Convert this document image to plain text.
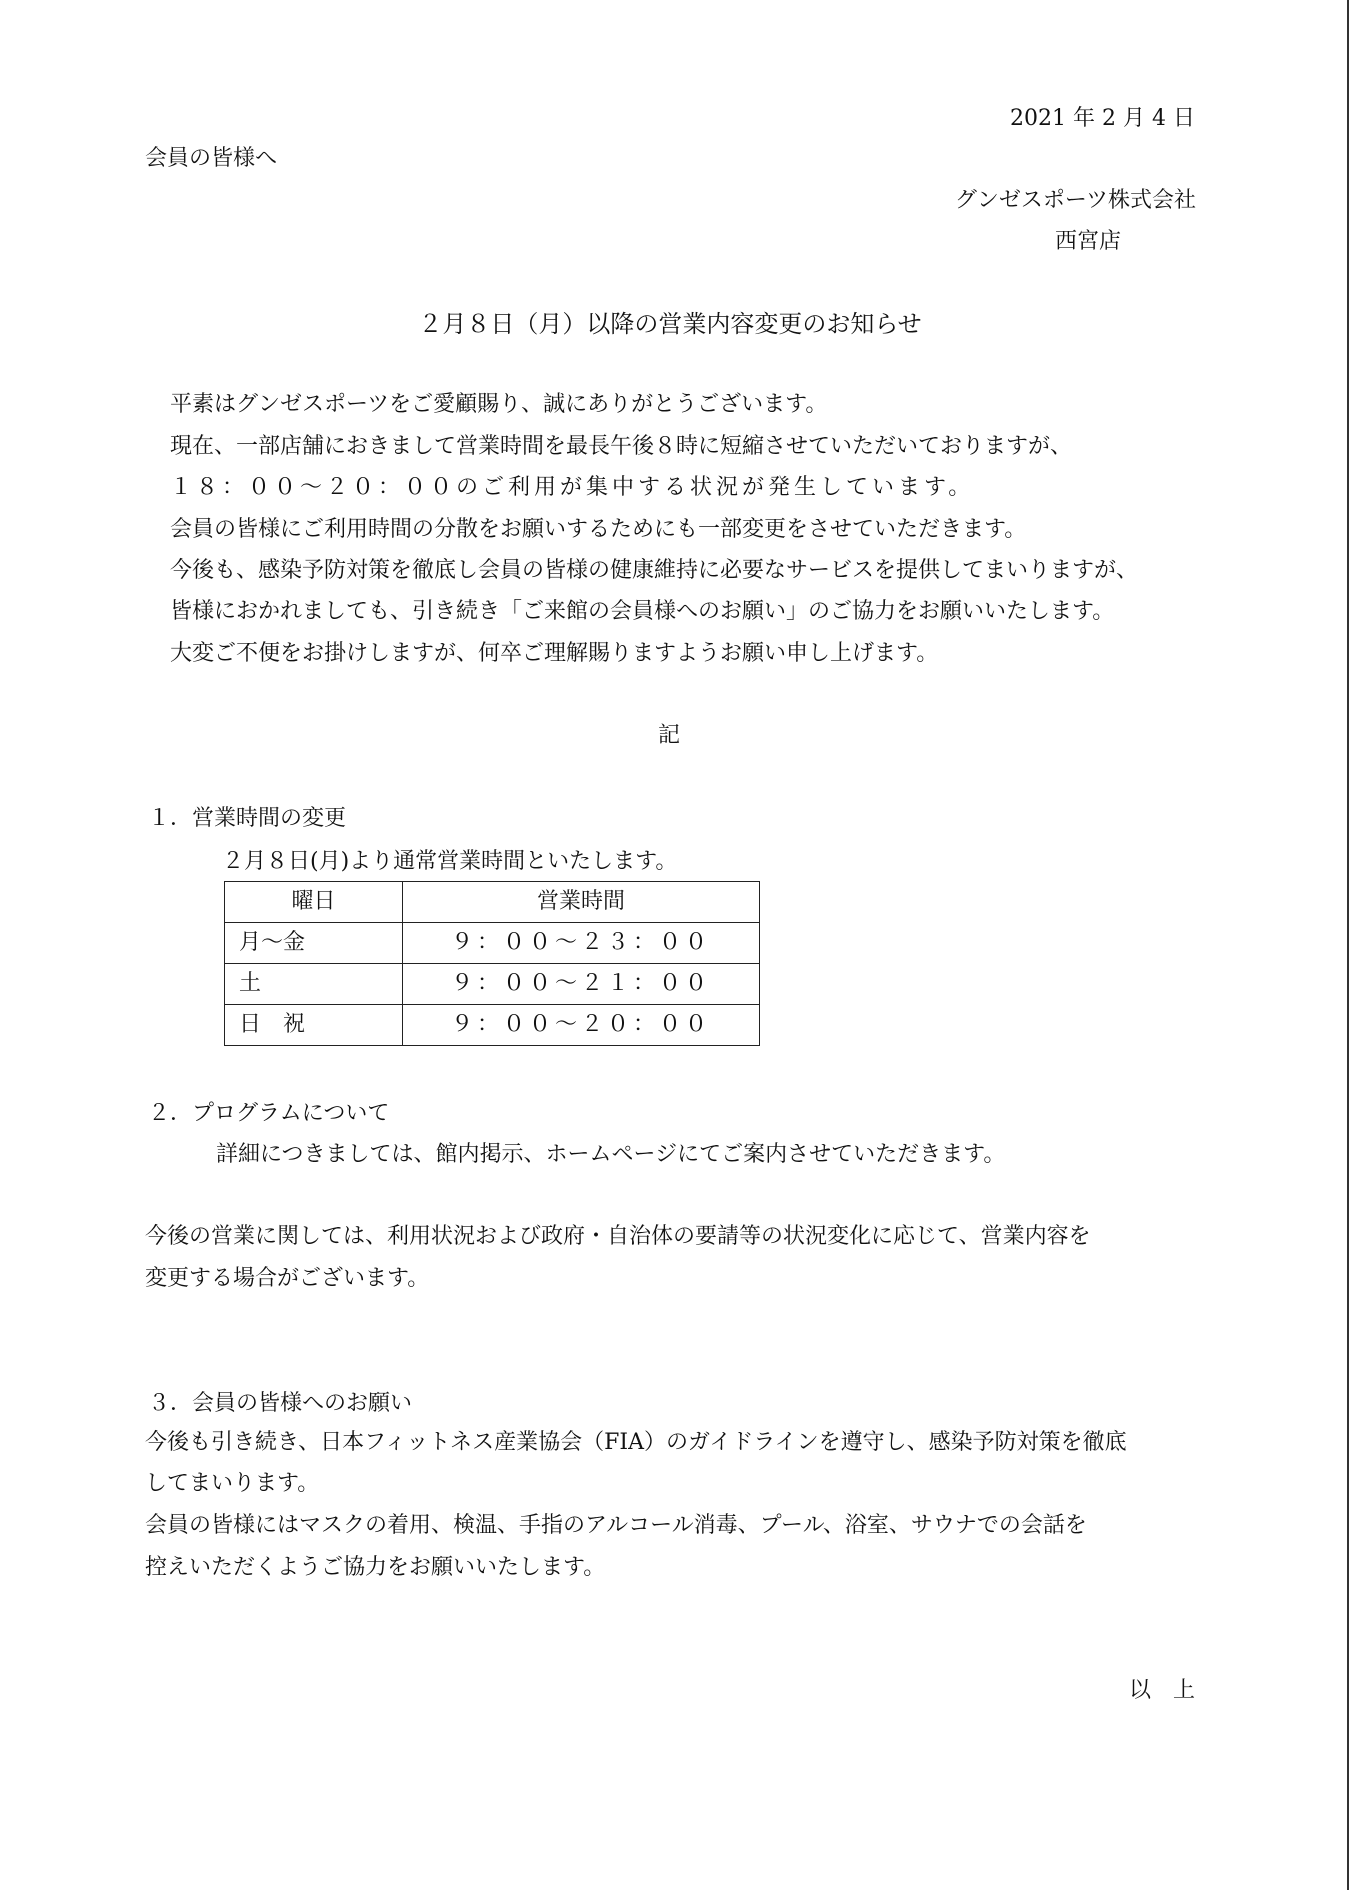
2021 年 2 月 4 日
会員の皆様へ
グンゼスポーツ株式会社
西宮店
２月８日（月）以降の営業内容変更のお知らせ
平素はグンゼスポーツをご愛顧賜り、誠にありがとうございます。
現在、一部店舗におきまして営業時間を最長午後８時に短縮させていただいておりますが、
１８：００～２０：００のご利用が集中する状況が発生しています。
会員の皆様にご利用時間の分散をお願いするためにも一部変更をさせていただきます。
今後も、感染予防対策を徹底し会員の皆様の健康維持に必要なサービスを提供してまいりますが、
皆様におかれましても、引き続き「ご来館の会員様へのお願い」のご協力をお願いいたします。
大変ご不便をお掛けしますが、何卒ご理解賜りますようお願い申し上げます。
記
１．営業時間の変更
２月８日(月)より通常営業時間といたします。
曜日	営業時間
月～金	９：００～２３：００
土	９：００～２１：００
日　祝	９：００～２０：００
２．プログラムについて
詳細につきましては、館内掲示、ホームページにてご案内させていただきます。
今後の営業に関しては、利用状況および政府・自治体の要請等の状況変化に応じて、営業内容を
変更する場合がございます。
３．会員の皆様へのお願い
今後も引き続き、日本フィットネス産業協会（FIA）のガイドラインを遵守し、感染予防対策を徹底
してまいります。
会員の皆様にはマスクの着用、検温、手指のアルコール消毒、プール、浴室、サウナでの会話を
控えいただくようご協力をお願いいたします。
以　上
